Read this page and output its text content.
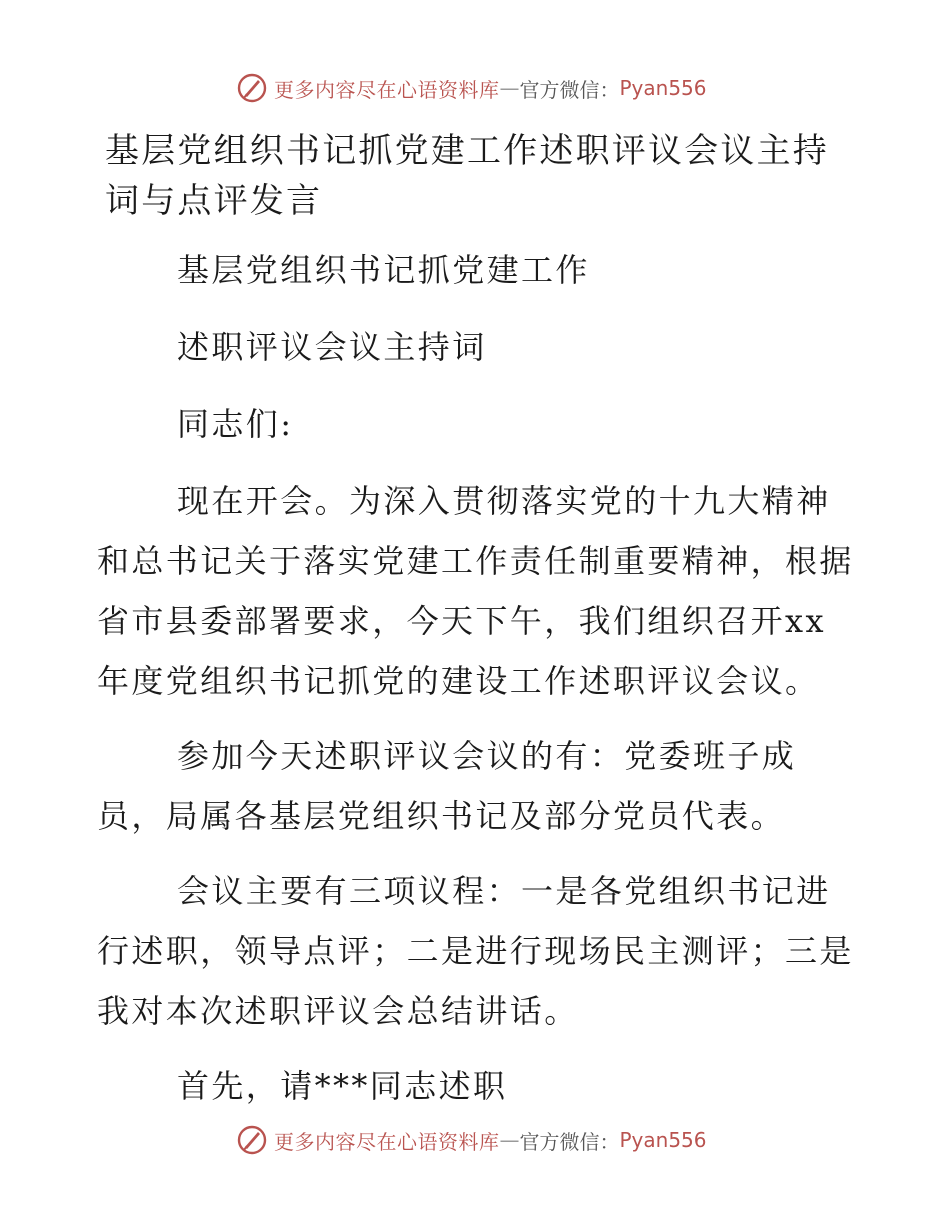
更多内容尽在心语资料库 — 官方微信： Pyan556
基层党组织书记抓党建工作述职评议会议主持词与点评发言

基层党组织书记抓党建工作

述职评议会议主持词

同志们:

现在开会。为深入贯彻落实党的十九大精神和总书记关于落实党建工作责任制重要精神，根据省市县委部署要求，今天下午，我们组织召开xx年度党组织书记抓党的建设工作述职评议会议。

参加今天述职评议会议的有：党委班子成员，局属各基层党组织书记及部分党员代表。

会议主要有三项议程：一是各党组织书记进行述职，领导点评；二是进行现场民主测评；三是我对本次述职评议会总结讲话。

首先，请***同志述职

更多内容尽在心语资料库 — 官方微信： Pyan556
